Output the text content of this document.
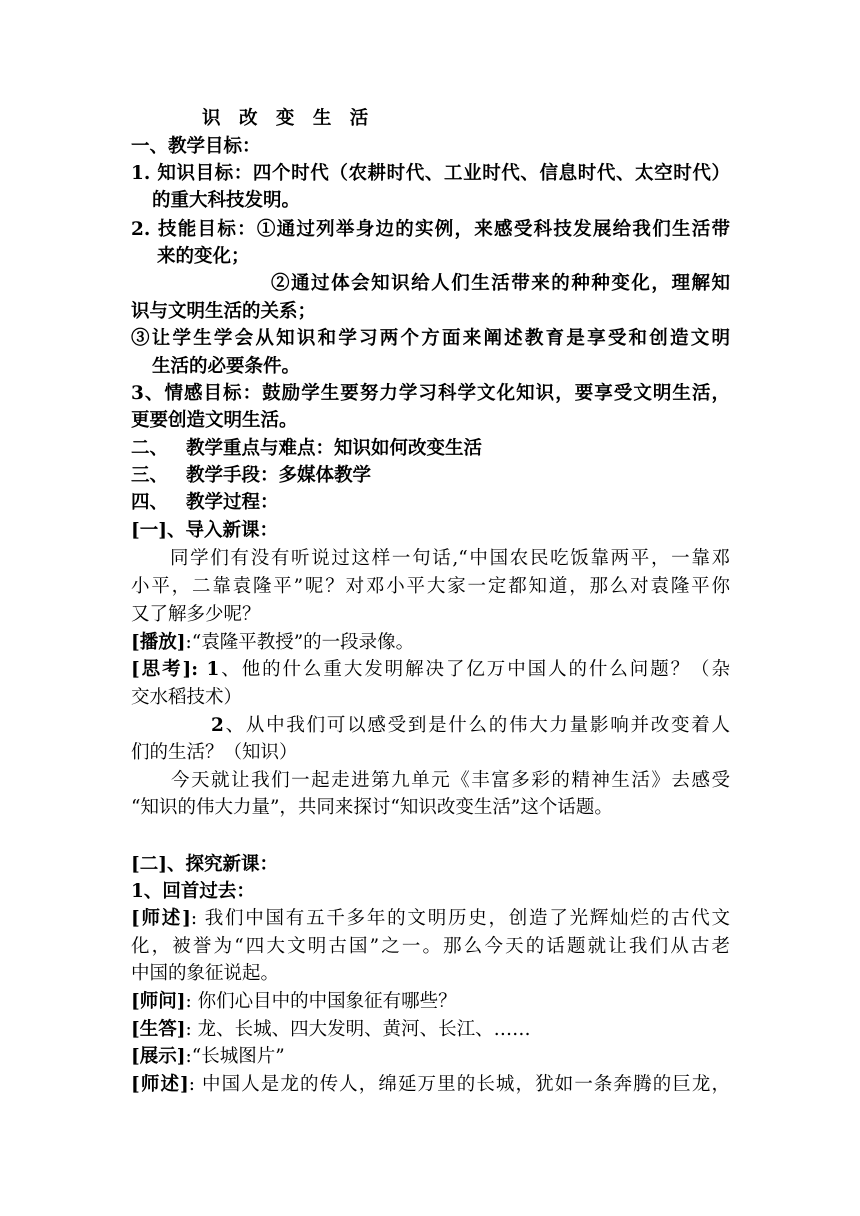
识 改 变 生 活
一、教学目标：
1. 知识目标：四个时代（农耕时代、工业时代、信息时代、太空时代）
的重大科技发明。
2. 技能目标：①通过列举身边的实例，来感受科技发展给我们生活带
来的变化；
②通过体会知识给人们生活带来的种种变化，理解知
识与文明生活的关系；
③让学生学会从知识和学习两个方面来阐述教育是享受和创造文明
生活的必要条件。
3、情感目标：鼓励学生要努力学习科学文化知识，要享受文明生活，
更要创造文明生活。
二、 教学重点与难点：知识如何改变生活
三、 教学手段：多媒体教学
四、 教学过程：
[一]、导入新课：
同学们有没有听说过这样一句话,“中国农民吃饭靠两平，一靠邓
小平，二靠袁隆平”呢？对邓小平大家一定都知道，那么对袁隆平你
又了解多少呢？
[播放]:“袁隆平教授”的一段录像。
[思考]: 1、他的什么重大发明解决了亿万中国人的什么问题？（杂
交水稻技术）
2、从中我们可以感受到是什么的伟大力量影响并改变着人
们的生活？（知识）
今天就让我们一起走进第九单元《丰富多彩的精神生活》去感受
“知识的伟大力量”，共同来探讨“知识改变生活”这个话题。
[二]、探究新课：
1、回首过去：
[师述]: 我们中国有五千多年的文明历史，创造了光辉灿烂的古代文
化，被誉为“四大文明古国”之一。那么今天的话题就让我们从古老
中国的象征说起。
[师问]: 你们心目中的中国象征有哪些？
[生答]: 龙、长城、四大发明、黄河、长江、……
[展示]:“长城图片”
[师述]: 中国人是龙的传人，绵延万里的长城，犹如一条奔腾的巨龙，
